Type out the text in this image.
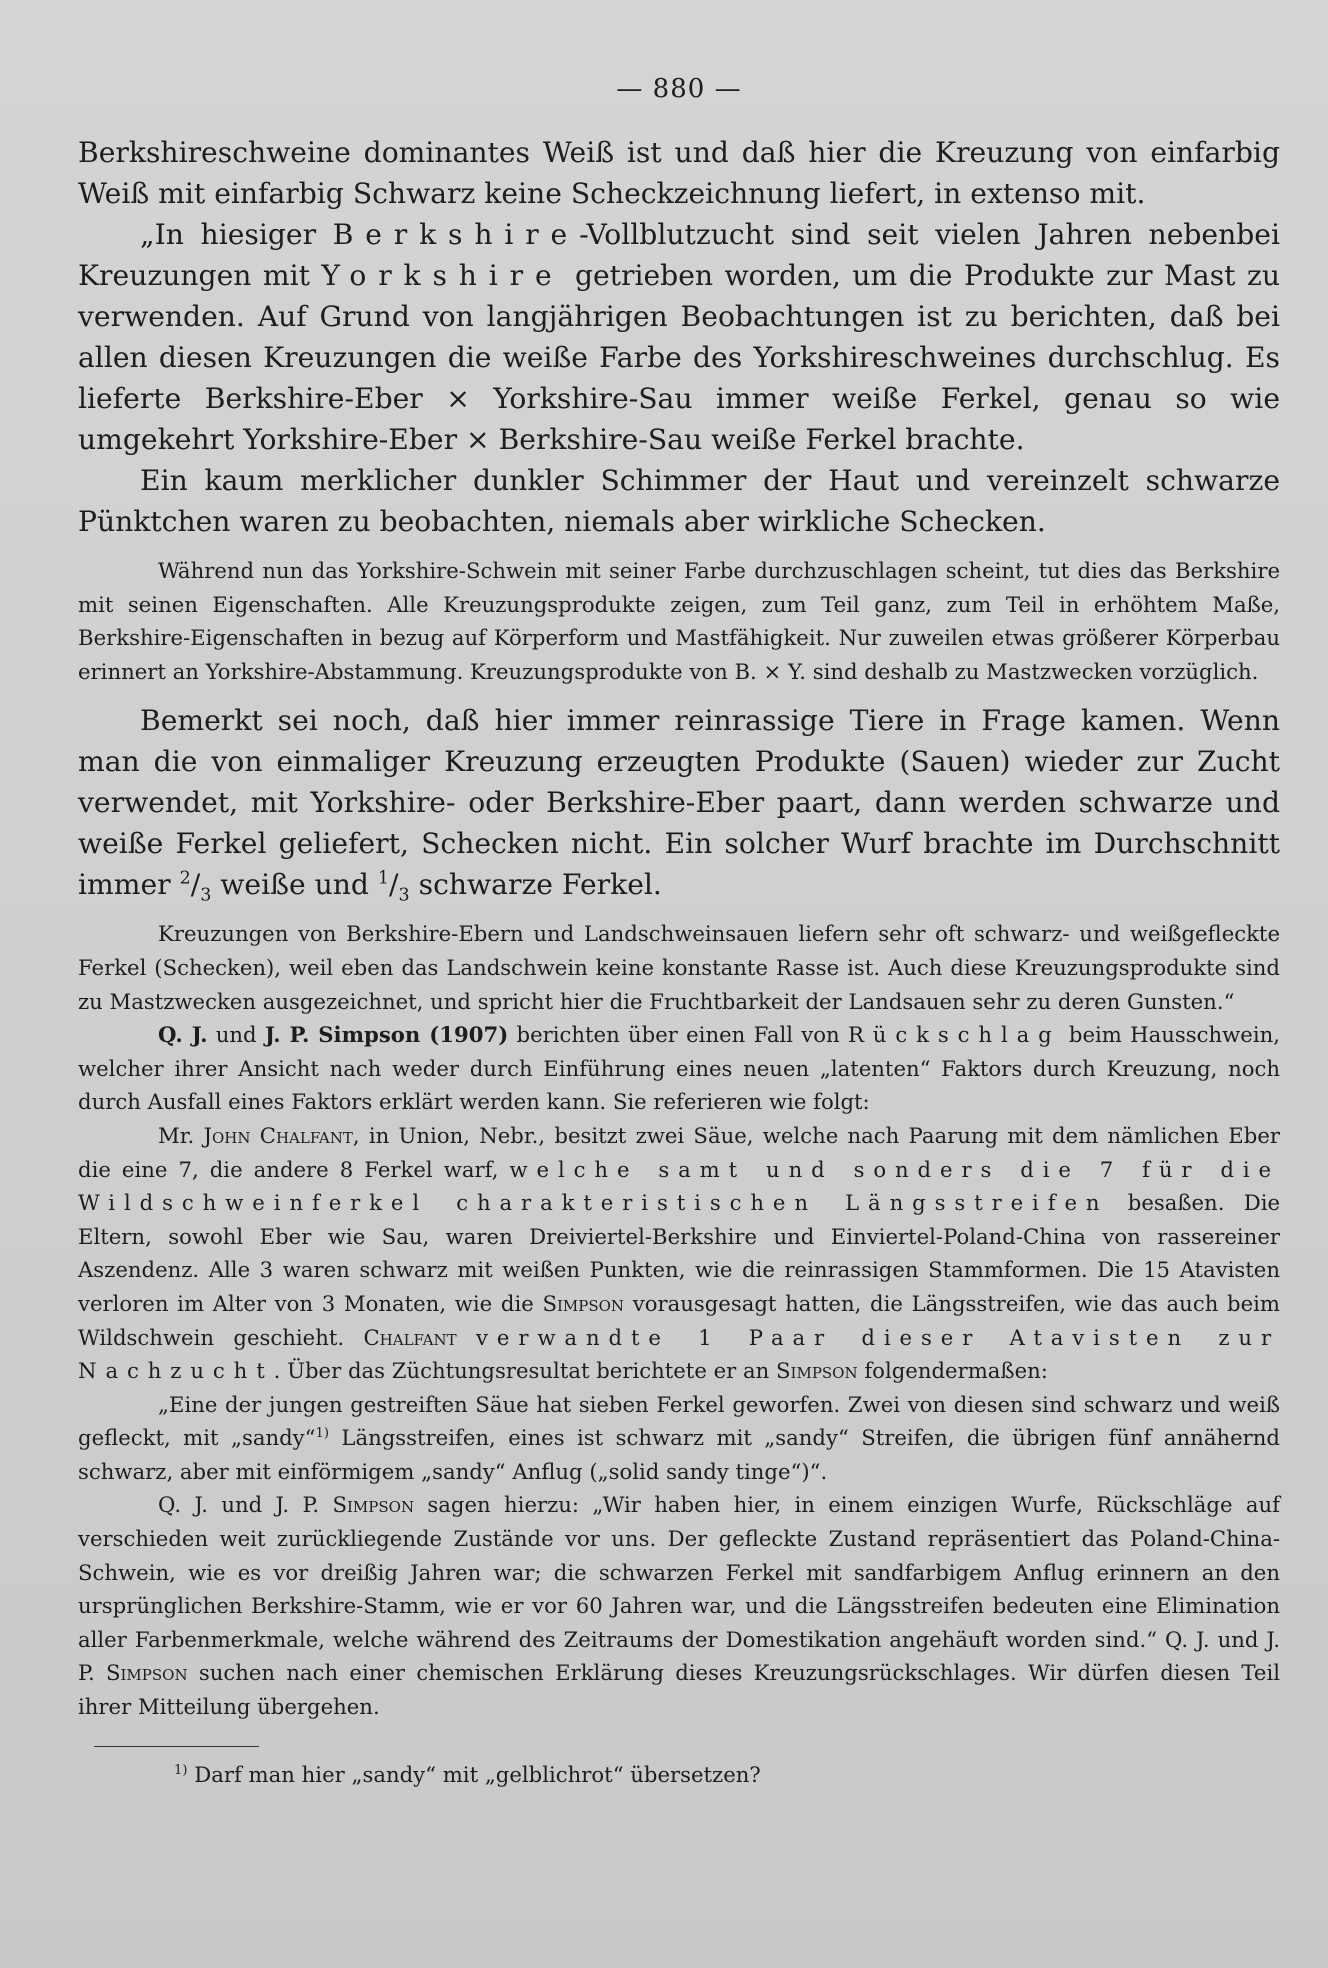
— 880 —

Berkshireschweine dominantes Weiß ist und daß hier die Kreuzung von einfarbig Weiß mit einfarbig Schwarz keine Scheckzeichnung liefert, in extenso mit.

„In hiesiger Berkshire-Vollblutzucht sind seit vielen Jahren nebenbei Kreuzungen mit Yorkshire getrieben worden, um die Produkte zur Mast zu verwenden. Auf Grund von langjährigen Beobachtungen ist zu berichten, daß bei allen diesen Kreuzungen die weiße Farbe des Yorkshireschweines durchschlug. Es lieferte Berkshire-Eber × Yorkshire-Sau immer weiße Ferkel, genau so wie umgekehrt Yorkshire-Eber × Berkshire-Sau weiße Ferkel brachte.

Ein kaum merklicher dunkler Schimmer der Haut und vereinzelt schwarze Pünktchen waren zu beobachten, niemals aber wirkliche Schecken.

Während nun das Yorkshire-Schwein mit seiner Farbe durchzuschlagen scheint, tut dies das Berkshire mit seinen Eigenschaften. Alle Kreuzungsprodukte zeigen, zum Teil ganz, zum Teil in erhöhtem Maße, Berkshire-Eigenschaften in bezug auf Körperform und Mastfähigkeit. Nur zuweilen etwas größerer Körperbau erinnert an Yorkshire-Abstammung. Kreuzungsprodukte von B. × Y. sind deshalb zu Mastzwecken vorzüglich.

Bemerkt sei noch, daß hier immer reinrassige Tiere in Frage kamen. Wenn man die von einmaliger Kreuzung erzeugten Produkte (Sauen) wieder zur Zucht verwendet, mit Yorkshire- oder Berkshire-Eber paart, dann werden schwarze und weiße Ferkel geliefert, Schecken nicht. Ein solcher Wurf brachte im Durchschnitt immer $^2/_3$ weiße und $^1/_3$ schwarze Ferkel.

Kreuzungen von Berkshire-Ebern und Landschweinsauen liefern sehr oft schwarz- und weißgefleckte Ferkel (Schecken), weil eben das Landschwein keine konstante Rasse ist. Auch diese Kreuzungsprodukte sind zu Mastzwecken ausgezeichnet, und spricht hier die Fruchtbarkeit der Landsauen sehr zu deren Gunsten.“

Q. J. und J. P. Simpson (1907) berichten über einen Fall von Rückschlag beim Hausschwein, welcher ihrer Ansicht nach weder durch Einführung eines neuen „latenten“ Faktors durch Kreuzung, noch durch Ausfall eines Faktors erklärt werden kann. Sie referieren wie folgt:

Mr. John Chalfant, in Union, Nebr., besitzt zwei Säue, welche nach Paarung mit dem nämlichen Eber die eine 7, die andere 8 Ferkel warf, welche samt und sonders die 7 für die Wildschweinferkel charakteristischen Längsstreifen besaßen. Die Eltern, sowohl Eber wie Sau, waren Dreiviertel-Berkshire und Einviertel-Poland-China von rassereiner Aszendenz. Alle 3 waren schwarz mit weißen Punkten, wie die reinrassigen Stammformen. Die 15 Atavisten verloren im Alter von 3 Monaten, wie die Simpson vorausgesagt hatten, die Längsstreifen, wie das auch beim Wildschwein geschieht. Chalfant verwandte 1 Paar dieser Atavisten zur Nachzucht. Über das Züchtungsresultat berichtete er an Simpson folgendermaßen:

„Eine der jungen gestreiften Säue hat sieben Ferkel geworfen. Zwei von diesen sind schwarz und weiß gefleckt, mit „sandy“$^{1)}$ Längsstreifen, eines ist schwarz mit „sandy“ Streifen, die übrigen fünf annähernd schwarz, aber mit einförmigem „sandy“ Anflug („solid sandy tinge“)“.

Q. J. und J. P. Simpson sagen hierzu: „Wir haben hier, in einem einzigen Wurfe, Rückschläge auf verschieden weit zurückliegende Zustände vor uns. Der gefleckte Zustand repräsentiert das Poland-China-Schwein, wie es vor dreißig Jahren war; die schwarzen Ferkel mit sandfarbigem Anflug erinnern an den ursprünglichen Berkshire-Stamm, wie er vor 60 Jahren war, und die Längsstreifen bedeuten eine Elimination aller Farbenmerkmale, welche während des Zeitraums der Domestikation angehäuft worden sind.“ Q. J. und J. P. Simpson suchen nach einer chemischen Erklärung dieses Kreuzungsrückschlages. Wir dürfen diesen Teil ihrer Mitteilung übergehen.

$^{1)}$ Darf man hier „sandy“ mit „gelblichrot“ übersetzen?
